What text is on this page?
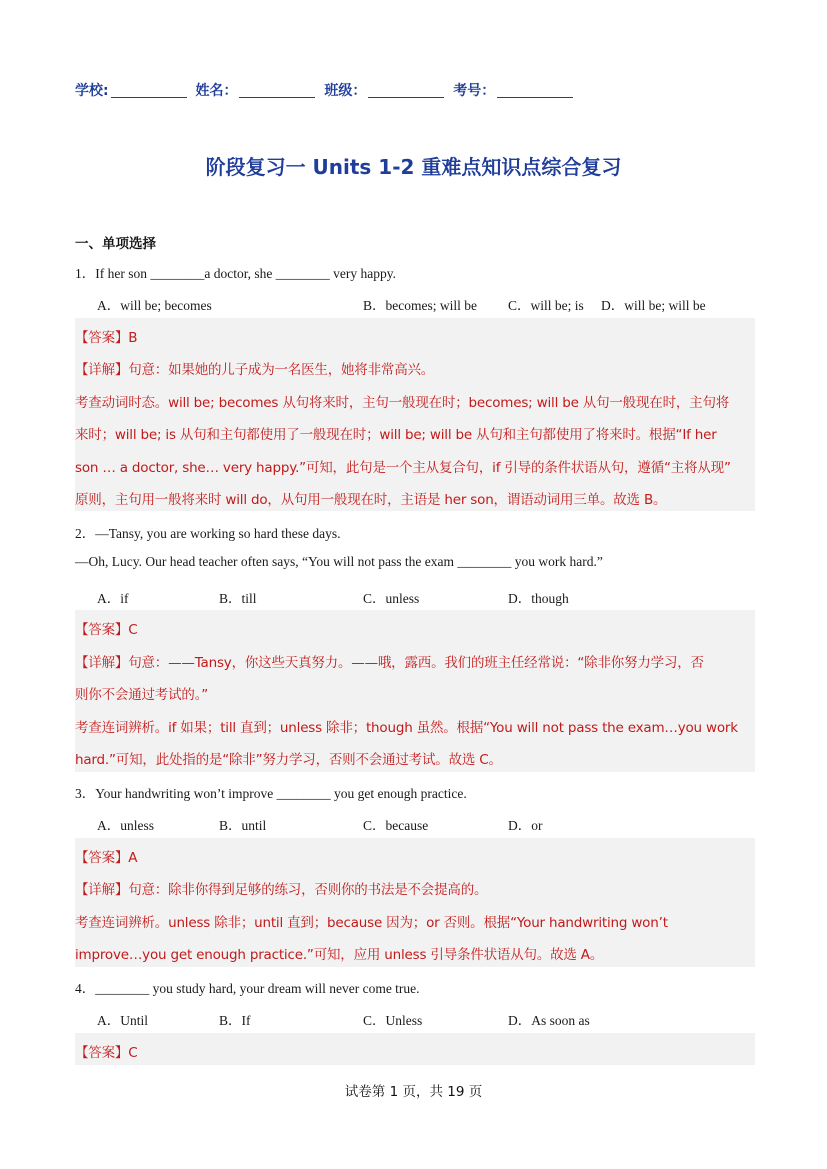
学校:	姓名：	班级：	考号：
阶段复习一 Units 1-2 重难点知识点综合复习
一、单项选择
1．If her son ________a doctor, she ________ very happy.
A．will be; becomes	B．becomes; will be C．will be; is D．will be; will be
【答案】B
【详解】句意：如果她的儿子成为一名医生，她将非常高兴。
考查动词时态。will be; becomes 从句将来时，主句一般现在时；becomes; will be 从句一般现在时，主句将
来时；will be; is 从句和主句都使用了一般现在时；will be; will be 从句和主句都使用了将来时。根据“If her
son … a doctor, she… very happy.”可知，此句是一个主从复合句，if 引导的条件状语从句，遵循“主将从现”
原则，主句用一般将来时 will do，从句用一般现在时，主语是 her son，谓语动词用三单。故选 B。
2．—Tansy, you are working so hard these days.
—Oh, Lucy. Our head teacher often says, “You will not pass the exam ________ you work hard.”
A．if	B．till	C．unless	D．though
【答案】C
【详解】句意：——Tansy，你这些天真努力。——哦，露西。我们的班主任经常说：“除非你努力学习，否
则你不会通过考试的。”
考查连词辨析。if 如果；till 直到；unless 除非；though 虽然。根据“You will not pass the exam…you work
hard.”可知，此处指的是“除非”努力学习，否则不会通过考试。故选 C。
3．Your handwriting won’t improve ________ you get enough practice.
A．unless	B．until	C．because	D．or
【答案】A
【详解】句意：除非你得到足够的练习，否则你的书法是不会提高的。
考查连词辨析。unless 除非；until 直到；because 因为；or 否则。根据“Your handwriting won’t
improve…you get enough practice.”可知，应用 unless 引导条件状语从句。故选 A。
4．________ you study hard, your dream will never come true.
A．Until	B．If	C．Unless	D．As soon as
【答案】C
试卷第 1 页，共 19 页
